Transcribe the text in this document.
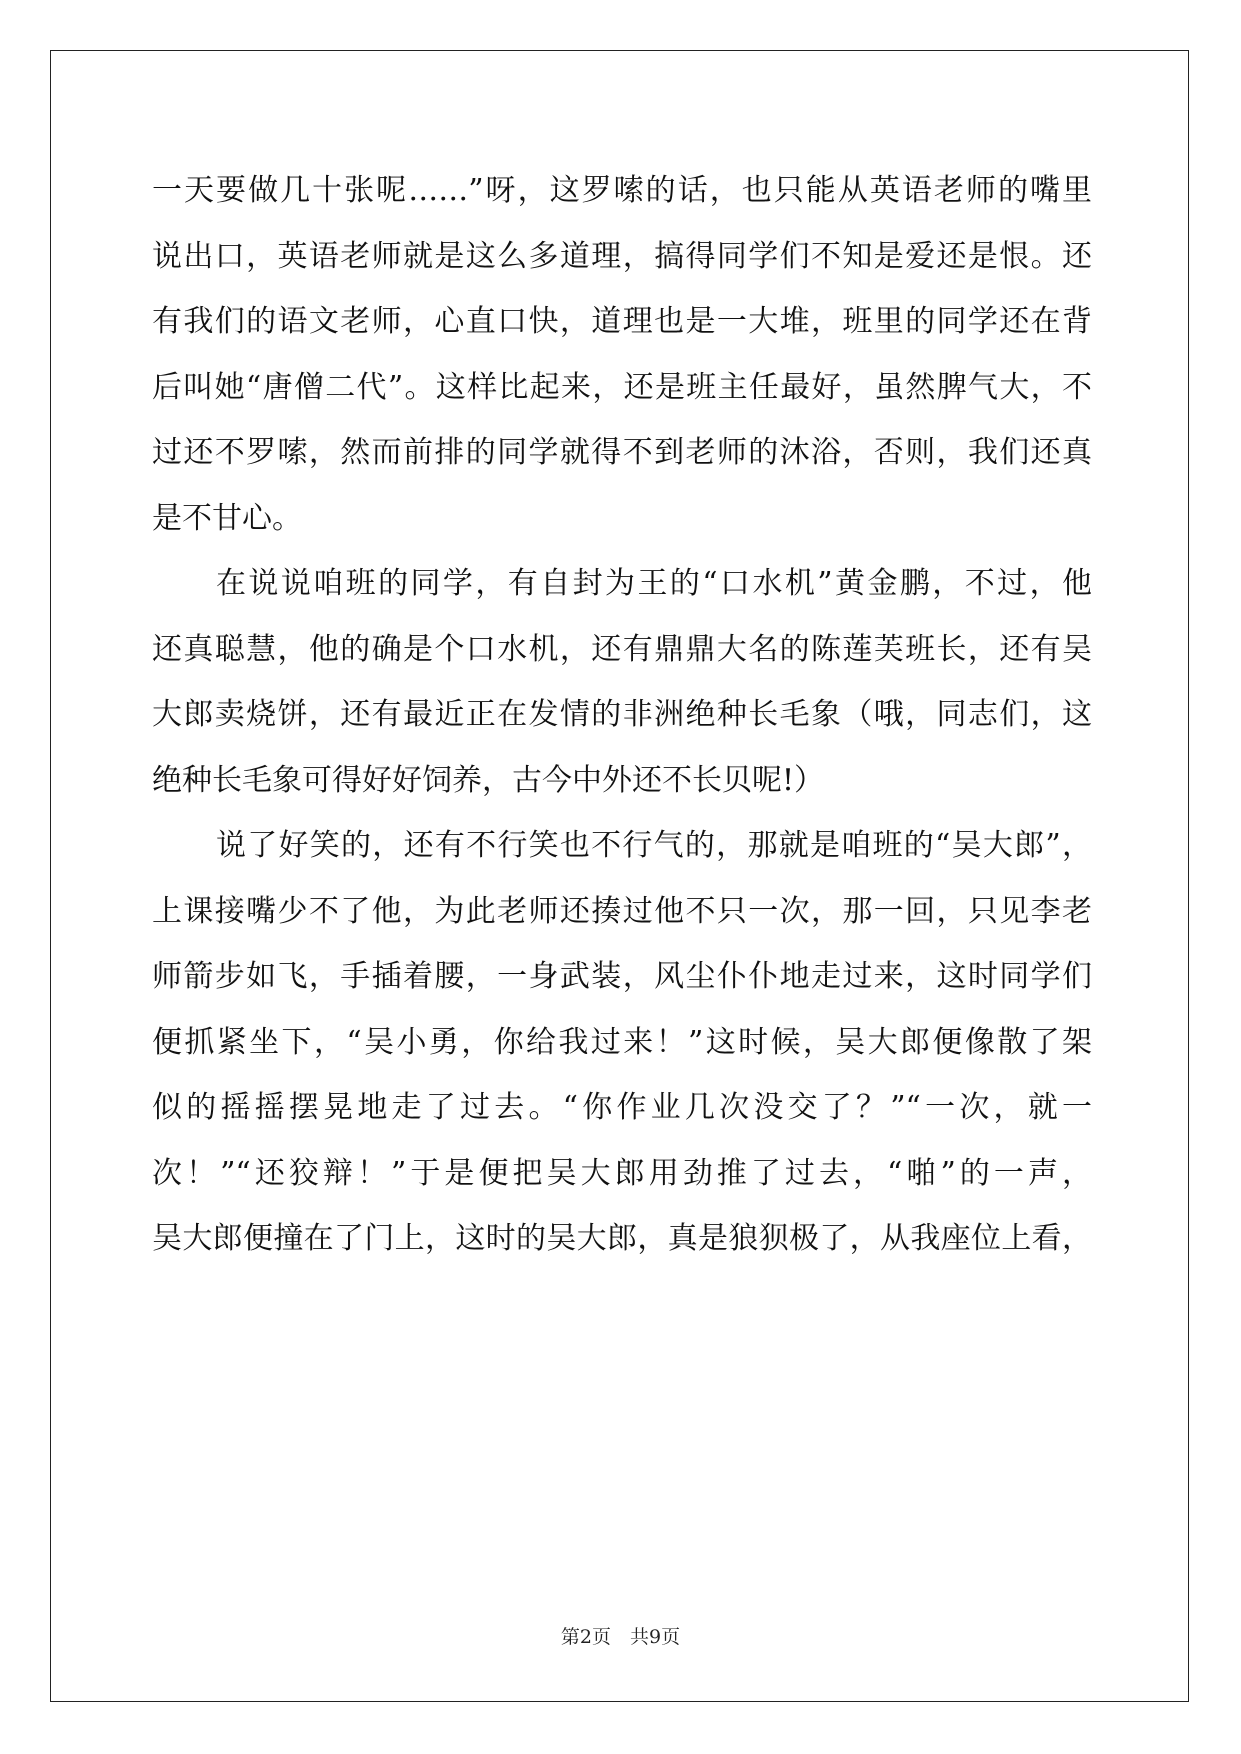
一天要做几十张呢……”呀，这罗嗦的话，也只能从英语老师的嘴里
说出口，英语老师就是这么多道理，搞得同学们不知是爱还是恨。还
有我们的语文老师，心直口快，道理也是一大堆，班里的同学还在背
后叫她“唐僧二代”。这样比起来，还是班主任最好，虽然脾气大，不
过还不罗嗦，然而前排的同学就得不到老师的沐浴，否则，我们还真
是不甘心。
在说说咱班的同学，有自封为王的“口水机”黄金鹏，不过，他
还真聪慧，他的确是个口水机，还有鼎鼎大名的陈莲芙班长，还有吴
大郎卖烧饼，还有最近正在发情的非洲绝种长毛象（哦，同志们，这
绝种长毛象可得好好饲养，古今中外还不长贝呢!）
说了好笑的，还有不行笑也不行气的，那就是咱班的“吴大郎”，
上课接嘴少不了他，为此老师还揍过他不只一次，那一回，只见李老
师箭步如飞，手插着腰，一身武装，风尘仆仆地走过来，这时同学们
便抓紧坐下，“吴小勇，你给我过来！”这时候，吴大郎便像散了架
似的摇摇摆晃地走了过去。“你作业几次没交了？”“一次，就一
次！”“还狡辩！”于是便把吴大郎用劲推了过去，“啪”的一声，
吴大郎便撞在了门上，这时的吴大郎，真是狼狈极了，从我座位上看，
第2页　共9页
